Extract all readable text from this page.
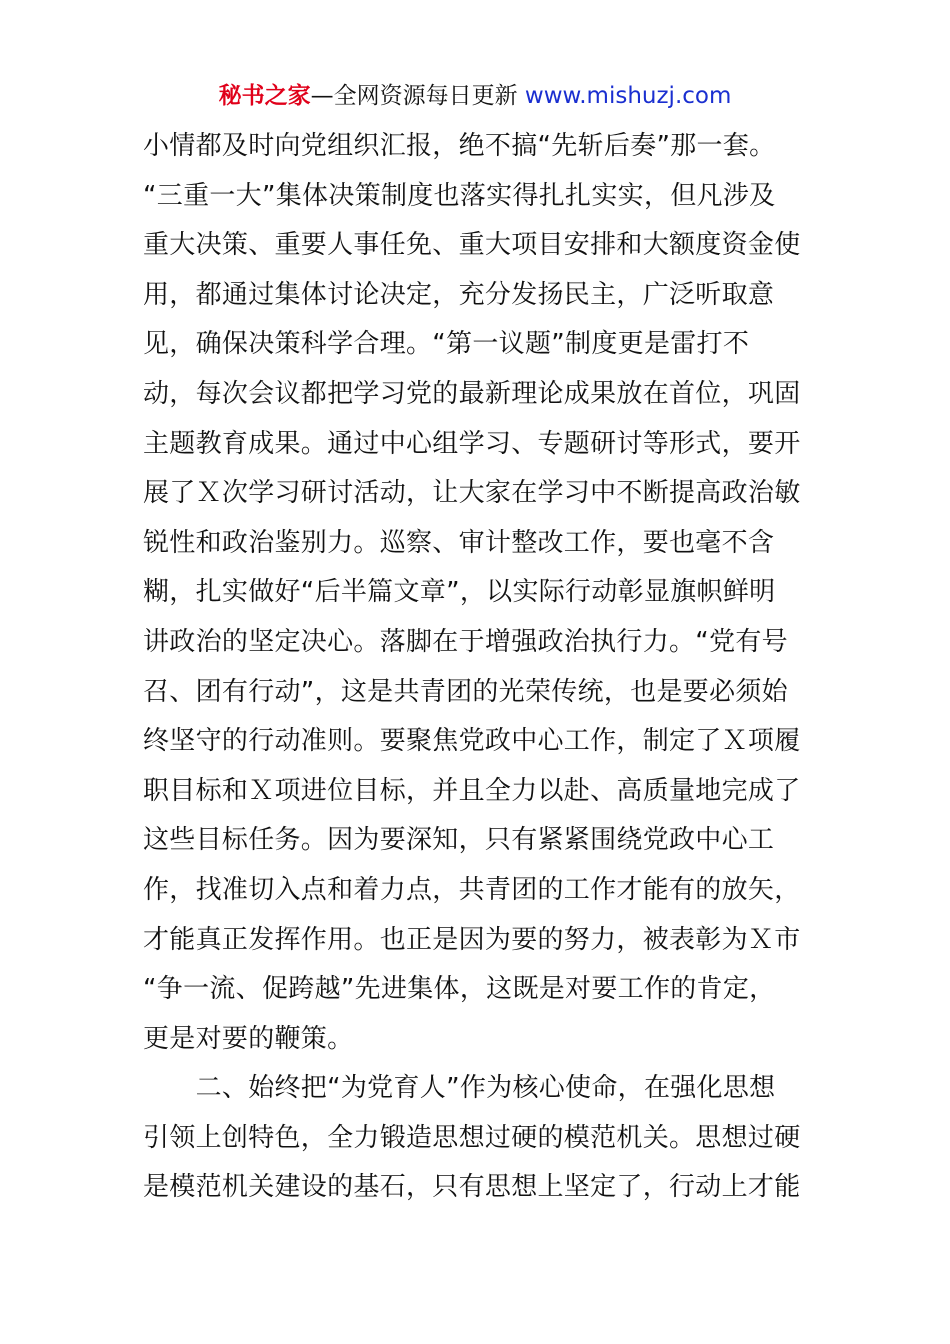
秘书之家—全网资源每日更新 www.mishuzj.com
小情都及时向党组织汇报，绝不搞“先斩后奏”那一套。
“三重一大”集体决策制度也落实得扎扎实实，但凡涉及
重大决策、重要人事任免、重大项目安排和大额度资金使
用，都通过集体讨论决定，充分发扬民主，广泛听取意
见，确保决策科学合理。“第一议题”制度更是雷打不
动，每次会议都把学习党的最新理论成果放在首位，巩固
主题教育成果。通过中心组学习、专题研讨等形式，要开
展了Ｘ次学习研讨活动，让大家在学习中不断提高政治敏
锐性和政治鉴别力。巡察、审计整改工作，要也毫不含
糊，扎实做好“后半篇文章”，以实际行动彰显旗帜鲜明
讲政治的坚定决心。落脚在于增强政治执行力。“党有号
召、团有行动”，这是共青团的光荣传统，也是要必须始
终坚守的行动准则。要聚焦党政中心工作，制定了Ｘ项履
职目标和Ｘ项进位目标，并且全力以赴、高质量地完成了
这些目标任务。因为要深知，只有紧紧围绕党政中心工
作，找准切入点和着力点，共青团的工作才能有的放矢，
才能真正发挥作用。也正是因为要的努力，被表彰为Ｘ市
“争一流、促跨越”先进集体，这既是对要工作的肯定，
更是对要的鞭策。
　　二、始终把“为党育人”作为核心使命，在强化思想
引领上创特色，全力锻造思想过硬的模范机关。思想过硬
是模范机关建设的基石，只有思想上坚定了，行动上才能
